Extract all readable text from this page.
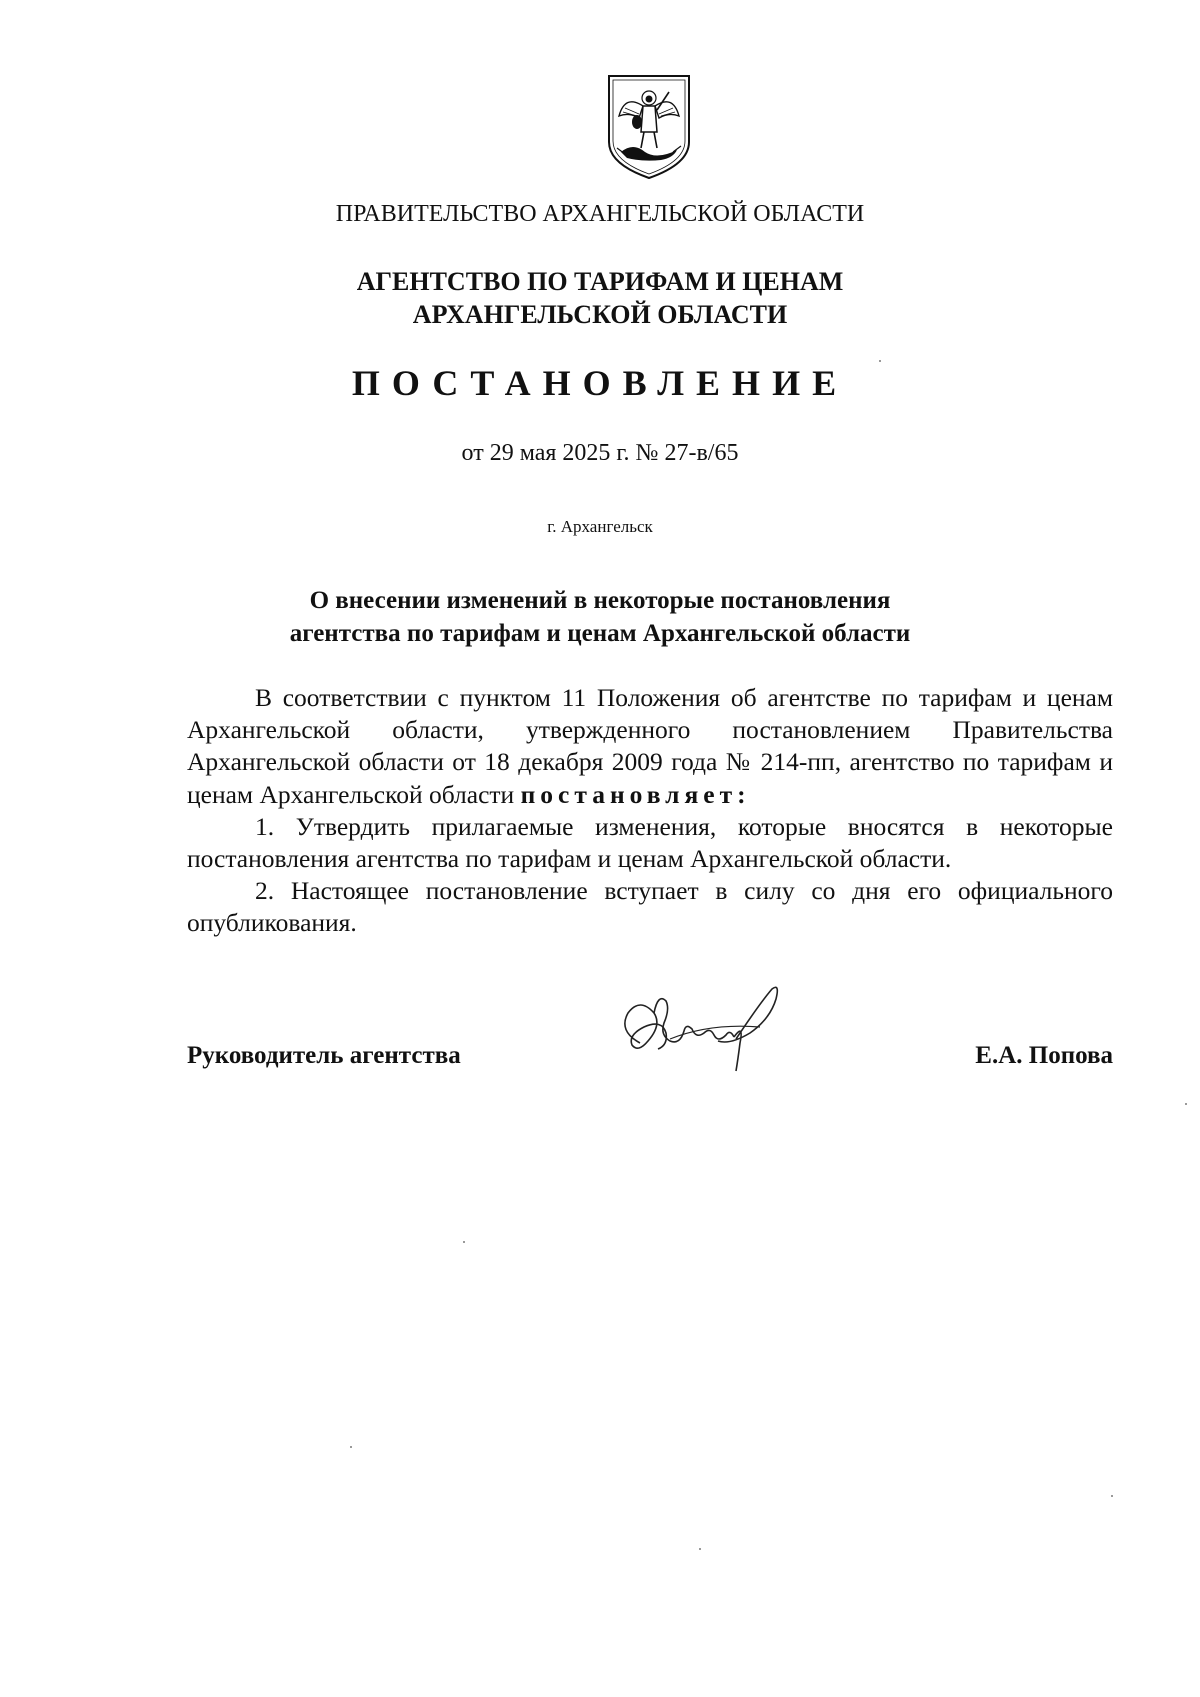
ПРАВИТЕЛЬСТВО АРХАНГЕЛЬСКОЙ ОБЛАСТИ
АГЕНТСТВО ПО ТАРИФАМ И ЦЕНАМ
АРХАНГЕЛЬСКОЙ ОБЛАСТИ
ПОСТАНОВЛЕНИЕ
от 29 мая 2025 г. № 27-в/65
г. Архангельск
О внесении изменений в некоторые постановления
агентства по тарифам и ценам Архангельской области

В соответствии с пунктом 11 Положения об агентстве по тарифам и ценам Архангельской области, утвержденного постановлением Правительства Архангельской области от 18 декабря 2009 года № 214-пп, агентство по тарифам и ценам Архангельской области постановляет:

1. Утвердить прилагаемые изменения, которые вносятся в некоторые постановления агентства по тарифам и ценам Архангельской области.

2. Настоящее постановление вступает в силу со дня его официального опубликования.

Руководитель агентства	Е.А. Попова
